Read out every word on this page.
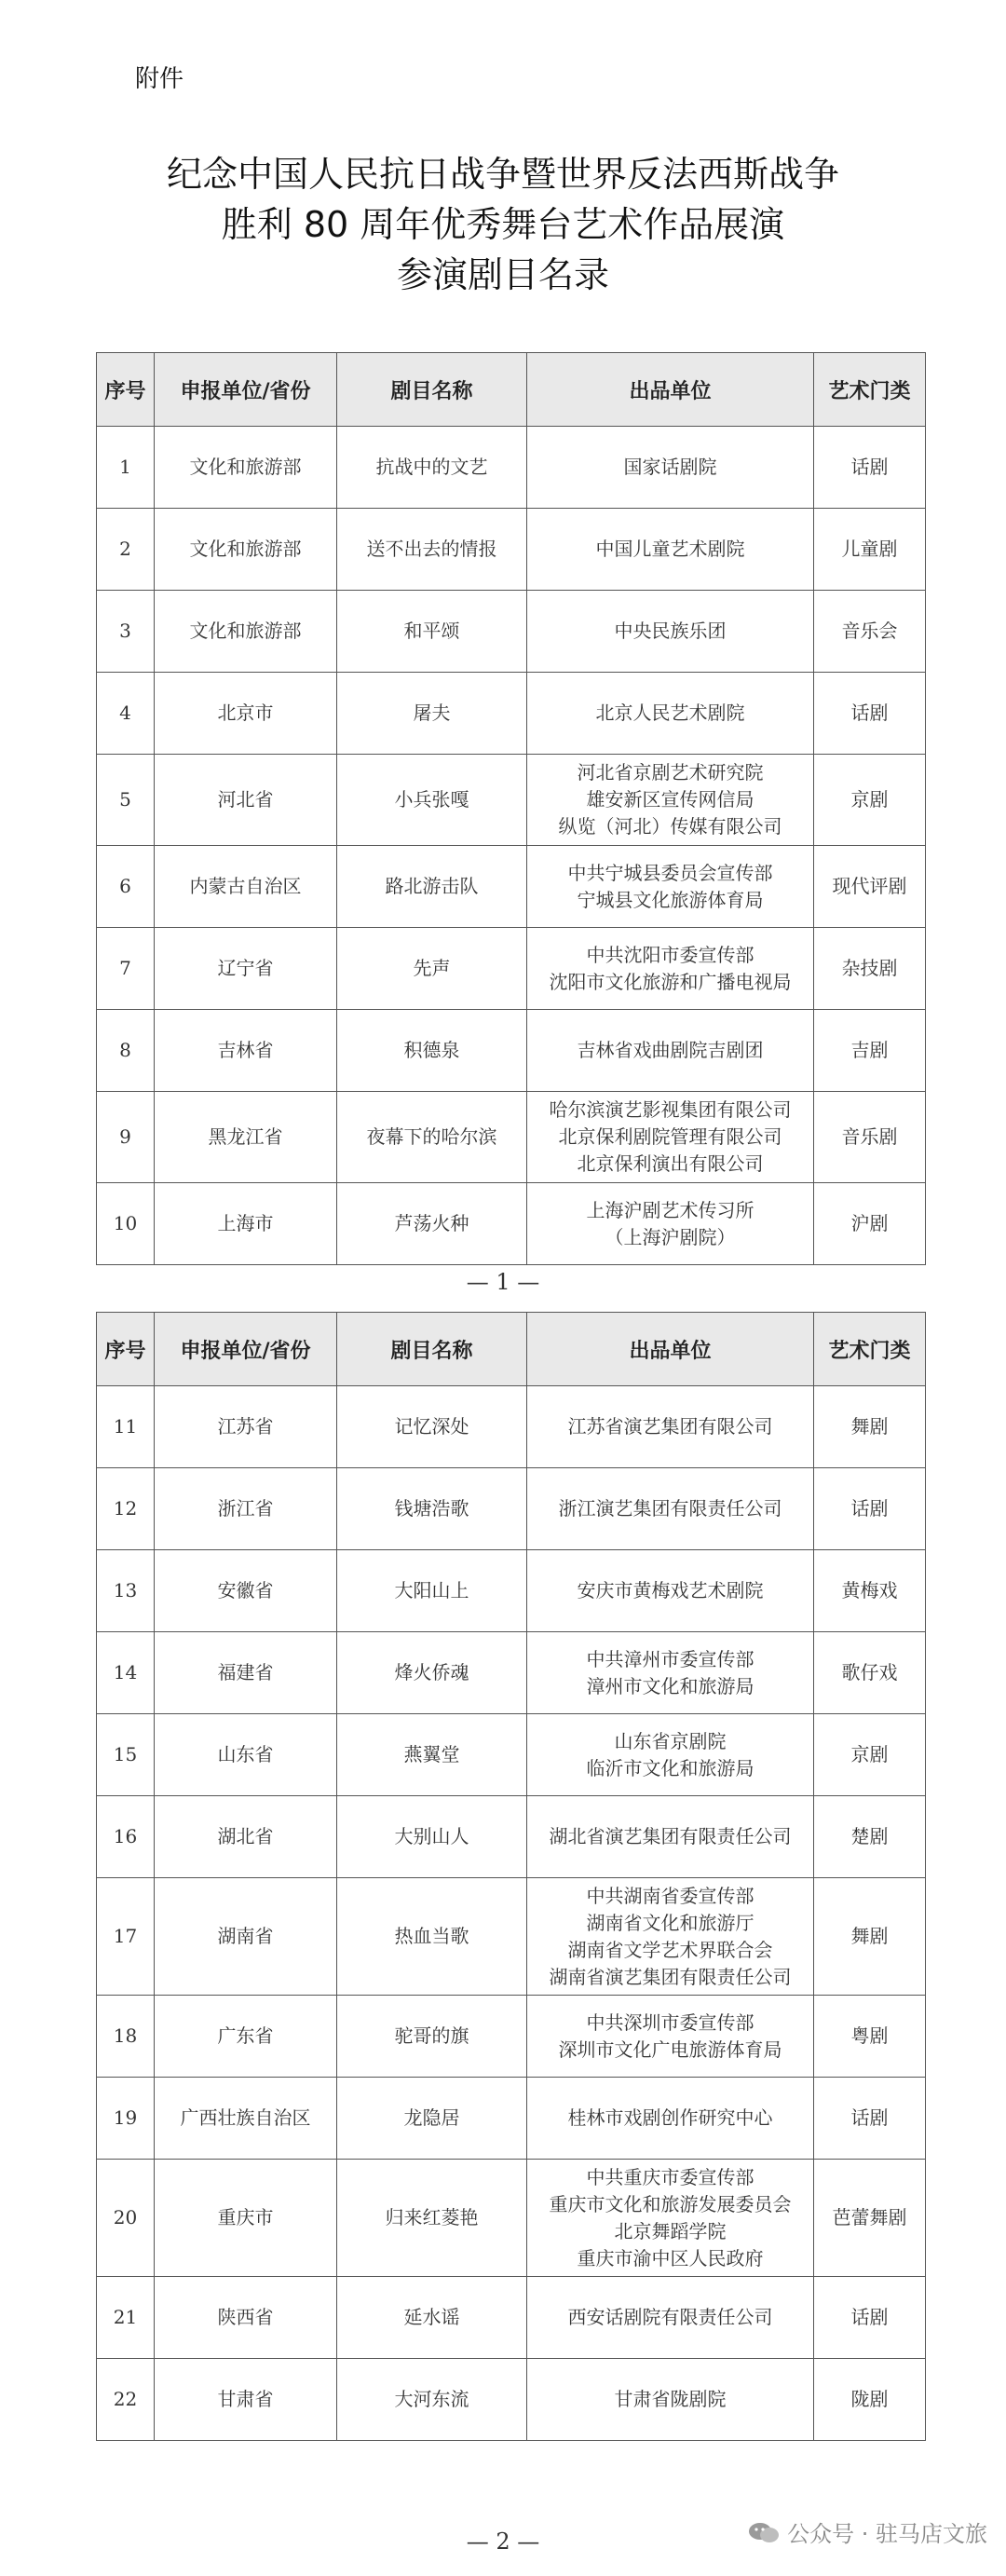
附件
纪念中国人民抗日战争暨世界反法西斯战争
胜利 80 周年优秀舞台艺术作品展演
参演剧目名录
序号	申报单位/省份	剧目名称	出品单位	艺术门类
1	文化和旅游部	抗战中的文艺	国家话剧院	话剧
2	文化和旅游部	送不出去的情报	中国儿童艺术剧院	儿童剧
3	文化和旅游部	和平颂	中央民族乐团	音乐会
4	北京市	屠夫	北京人民艺术剧院	话剧
5	河北省	小兵张嘎	河北省京剧艺术研究院
雄安新区宣传网信局
纵览（河北）传媒有限公司	京剧
6	内蒙古自治区	路北游击队	中共宁城县委员会宣传部
宁城县文化旅游体育局	现代评剧
7	辽宁省	先声	中共沈阳市委宣传部
沈阳市文化旅游和广播电视局	杂技剧
8	吉林省	积德泉	吉林省戏曲剧院吉剧团	吉剧
9	黑龙江省	夜幕下的哈尔滨	哈尔滨演艺影视集团有限公司
北京保利剧院管理有限公司
北京保利演出有限公司	音乐剧
10	上海市	芦荡火种	上海沪剧艺术传习所
（上海沪剧院）	沪剧
— 1 —
序号	申报单位/省份	剧目名称	出品单位	艺术门类
11	江苏省	记忆深处	江苏省演艺集团有限公司	舞剧
12	浙江省	钱塘浩歌	浙江演艺集团有限责任公司	话剧
13	安徽省	大阳山上	安庆市黄梅戏艺术剧院	黄梅戏
14	福建省	烽火侨魂	中共漳州市委宣传部
漳州市文化和旅游局	歌仔戏
15	山东省	燕翼堂	山东省京剧院
临沂市文化和旅游局	京剧
16	湖北省	大别山人	湖北省演艺集团有限责任公司	楚剧
17	湖南省	热血当歌	中共湖南省委宣传部
湖南省文化和旅游厅
湖南省文学艺术界联合会
湖南省演艺集团有限责任公司	舞剧
18	广东省	驼哥的旗	中共深圳市委宣传部
深圳市文化广电旅游体育局	粤剧
19	广西壮族自治区	龙隐居	桂林市戏剧创作研究中心	话剧
20	重庆市	归来红菱艳	中共重庆市委宣传部
重庆市文化和旅游发展委员会
北京舞蹈学院
重庆市渝中区人民政府	芭蕾舞剧
21	陕西省	延水谣	西安话剧院有限责任公司	话剧
22	甘肃省	大河东流	甘肃省陇剧院	陇剧
— 2 —	公众号 · 驻马店文旅
